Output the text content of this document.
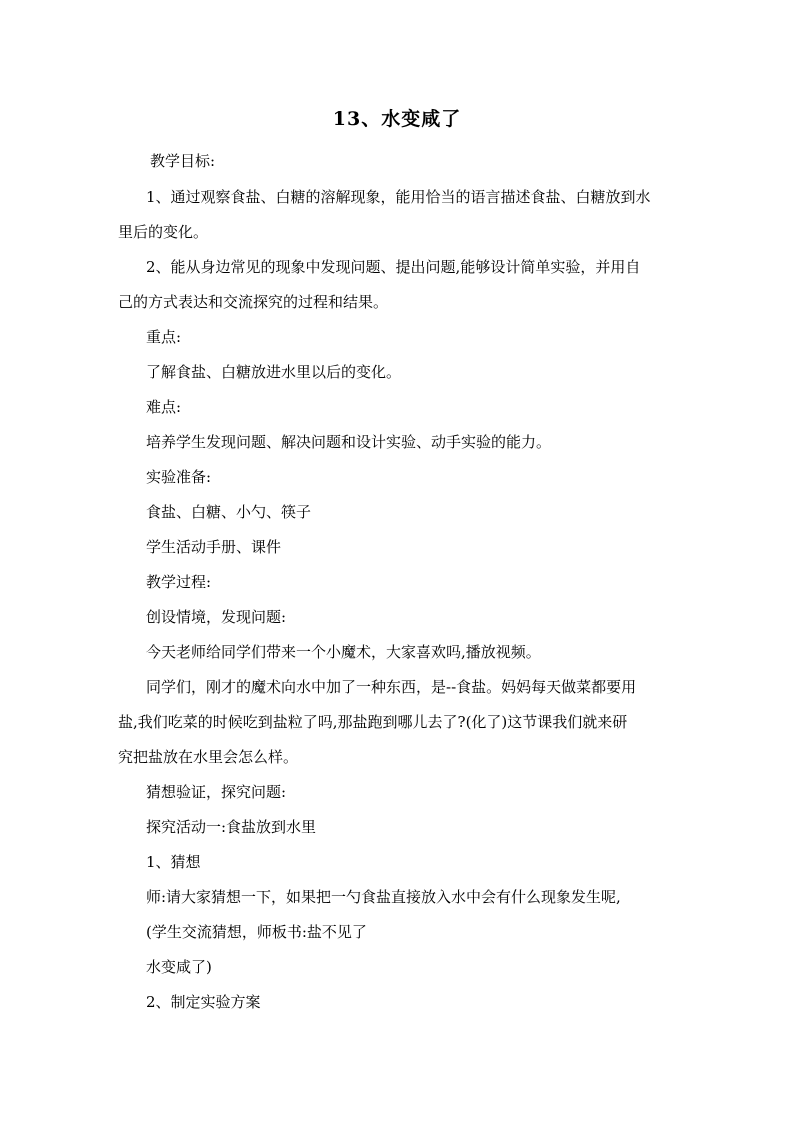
13、水变咸了

教学目标:

1、通过观察食盐、白糖的溶解现象，能用恰当的语言描述食盐、白糖放到水

里后的变化。

2、能从身边常见的现象中发现问题、提出问题,能够设计简单实验，并用自

己的方式表达和交流探究的过程和结果。

重点:

了解食盐、白糖放进水里以后的变化。

难点:

培养学生发现问题、解决问题和设计实验、动手实验的能力。

实验准备:

食盐、白糖、小勺、筷子

学生活动手册、课件

教学过程:

创设情境，发现问题:

今天老师给同学们带来一个小魔术，大家喜欢吗,播放视频。

同学们，刚才的魔术向水中加了一种东西，是--食盐。妈妈每天做菜都要用

盐,我们吃菜的时候吃到盐粒了吗,那盐跑到哪儿去了?(化了)这节课我们就来研

究把盐放在水里会怎么样。

猜想验证，探究问题:

探究活动一:食盐放到水里

1、猜想

师:请大家猜想一下，如果把一勺食盐直接放入水中会有什么现象发生呢,

(学生交流猜想，师板书:盐不见了

水变咸了)

2、制定实验方案
